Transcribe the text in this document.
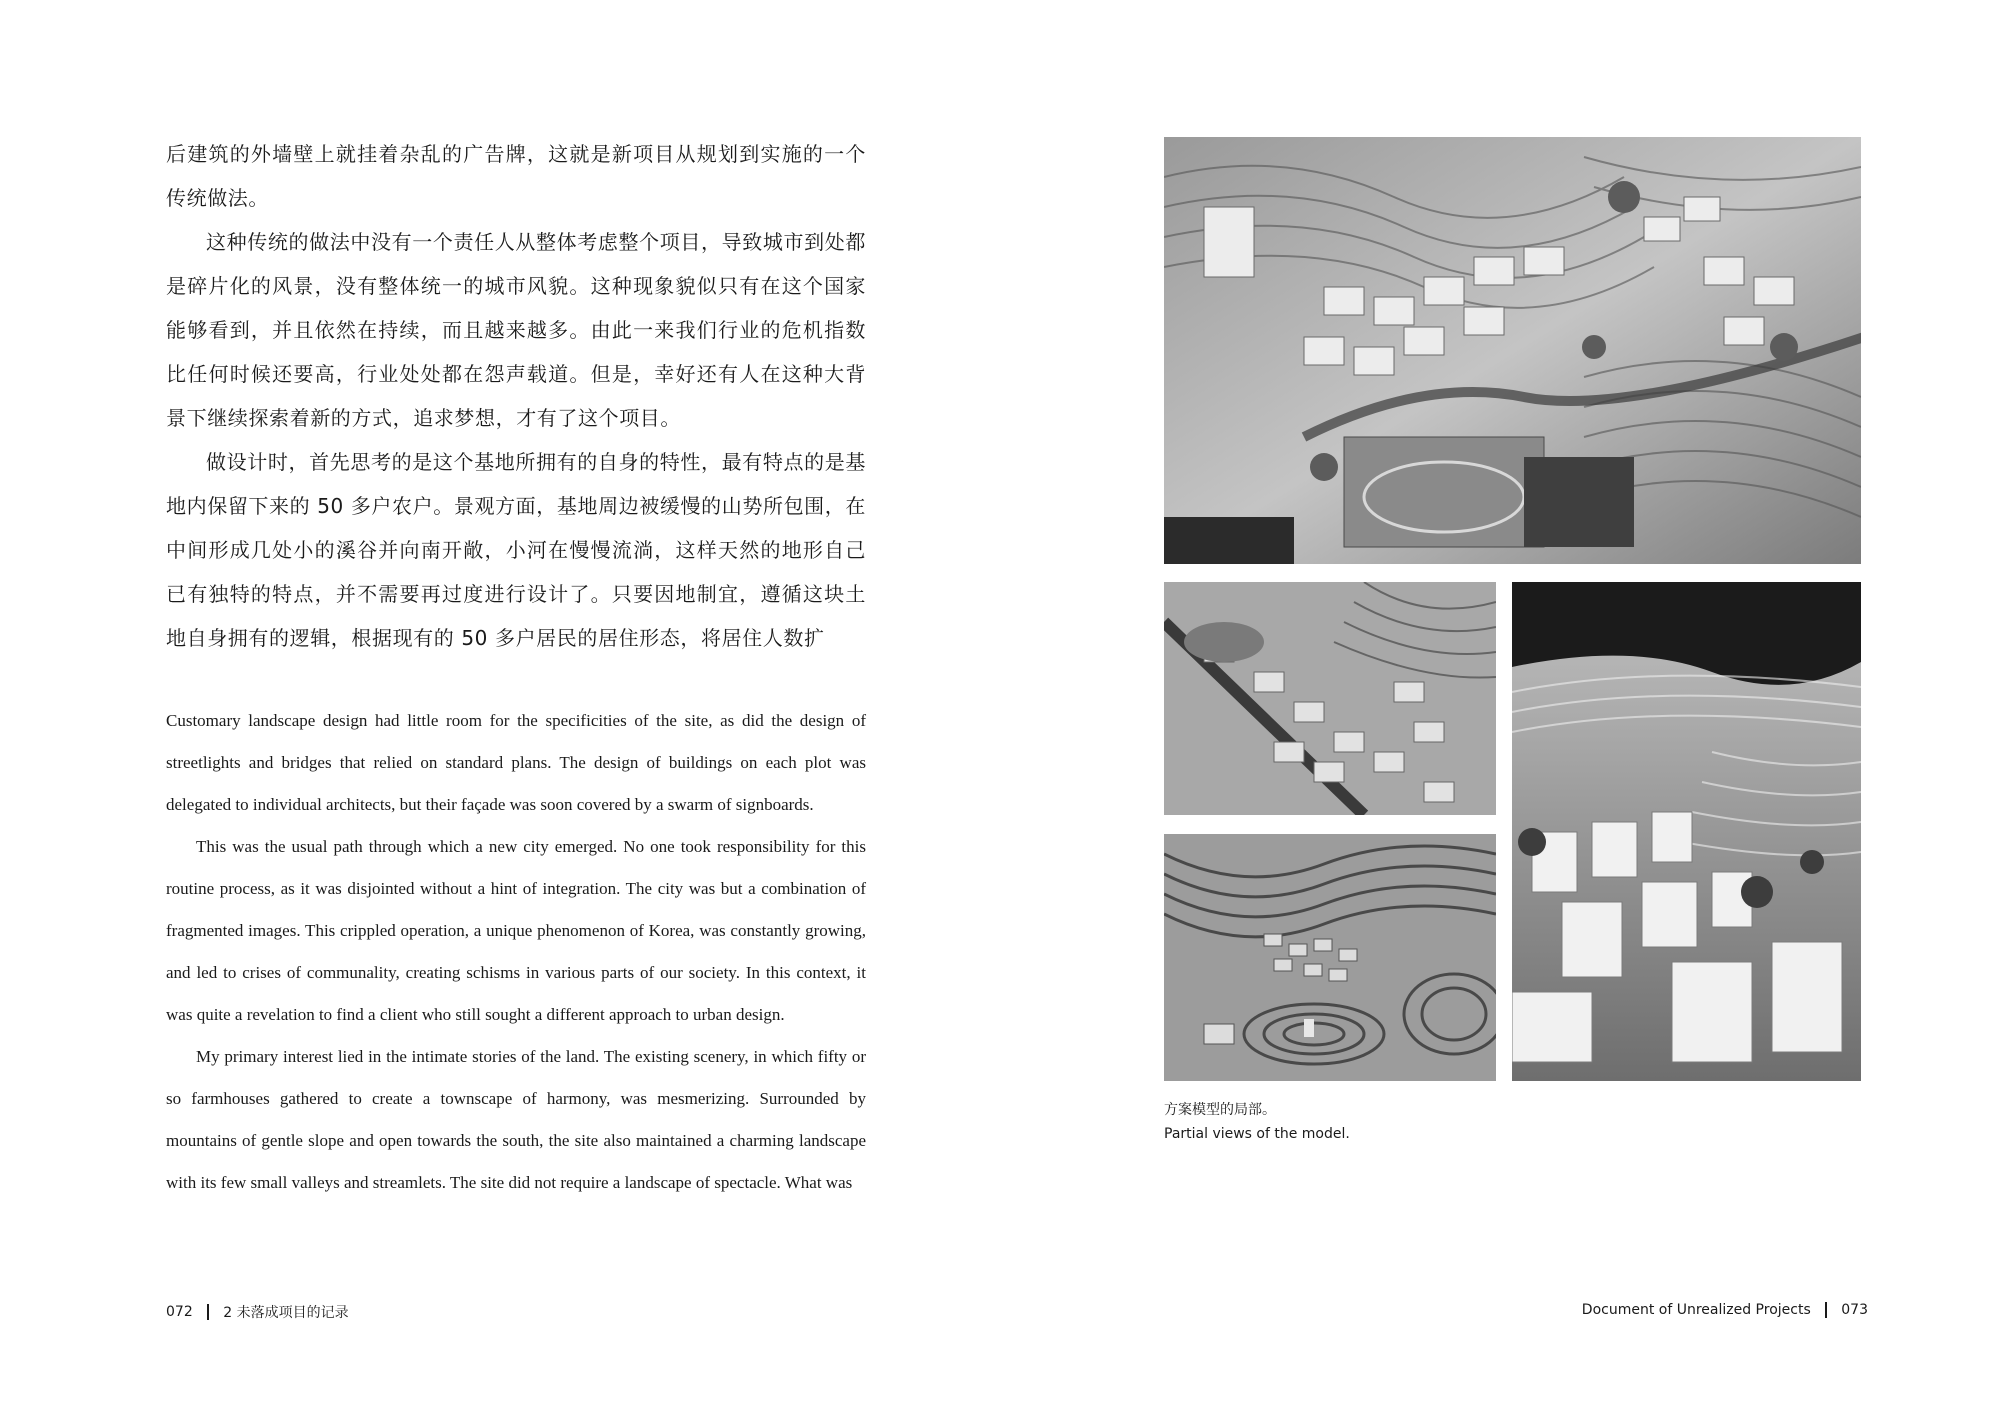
后建筑的外墙壁上就挂着杂乱的广告牌，这就是新项目从规划到实施的一个传统做法。

这种传统的做法中没有一个责任人从整体考虑整个项目，导致城市到处都是碎片化的风景，没有整体统一的城市风貌。这种现象貌似只有在这个国家能够看到，并且依然在持续，而且越来越多。由此一来我们行业的危机指数比任何时候还要高，行业处处都在怨声载道。但是，幸好还有人在这种大背景下继续探索着新的方式，追求梦想，才有了这个项目。

做设计时，首先思考的是这个基地所拥有的自身的特性，最有特点的是基地内保留下来的 50 多户农户。景观方面，基地周边被缓慢的山势所包围，在中间形成几处小的溪谷并向南开敞，小河在慢慢流淌，这样天然的地形自己已有独特的特点，并不需要再过度进行设计了。只要因地制宜，遵循这块土地自身拥有的逻辑，根据现有的 50 多户居民的居住形态，将居住人数扩

Customary landscape design had little room for the specificities of the site, as did the design of streetlights and bridges that relied on standard plans. The design of buildings on each plot was delegated to individual architects, but their façade was soon covered by a swarm of signboards.

This was the usual path through which a new city emerged. No one took responsibility for this routine process, as it was disjointed without a hint of integration. The city was but a combination of fragmented images. This crippled operation, a unique phenomenon of Korea, was constantly growing, and led to crises of communality, creating schisms in various parts of our society. In this context, it was quite a revelation to find a client who still sought a different approach to urban design.

My primary interest lied in the intimate stories of the land. The existing scenery, in which fifty or so farmhouses gathered to create a townscape of harmony, was mesmerizing. Surrounded by mountains of gentle slope and open towards the south, the site also maintained a charming landscape with its few small valleys and streamlets. The site did not require a landscape of spectacle. What was

072 2 未落成项目的记录
方案模型的局部。
Partial views of the model.
Document of Unrealized Projects 073
